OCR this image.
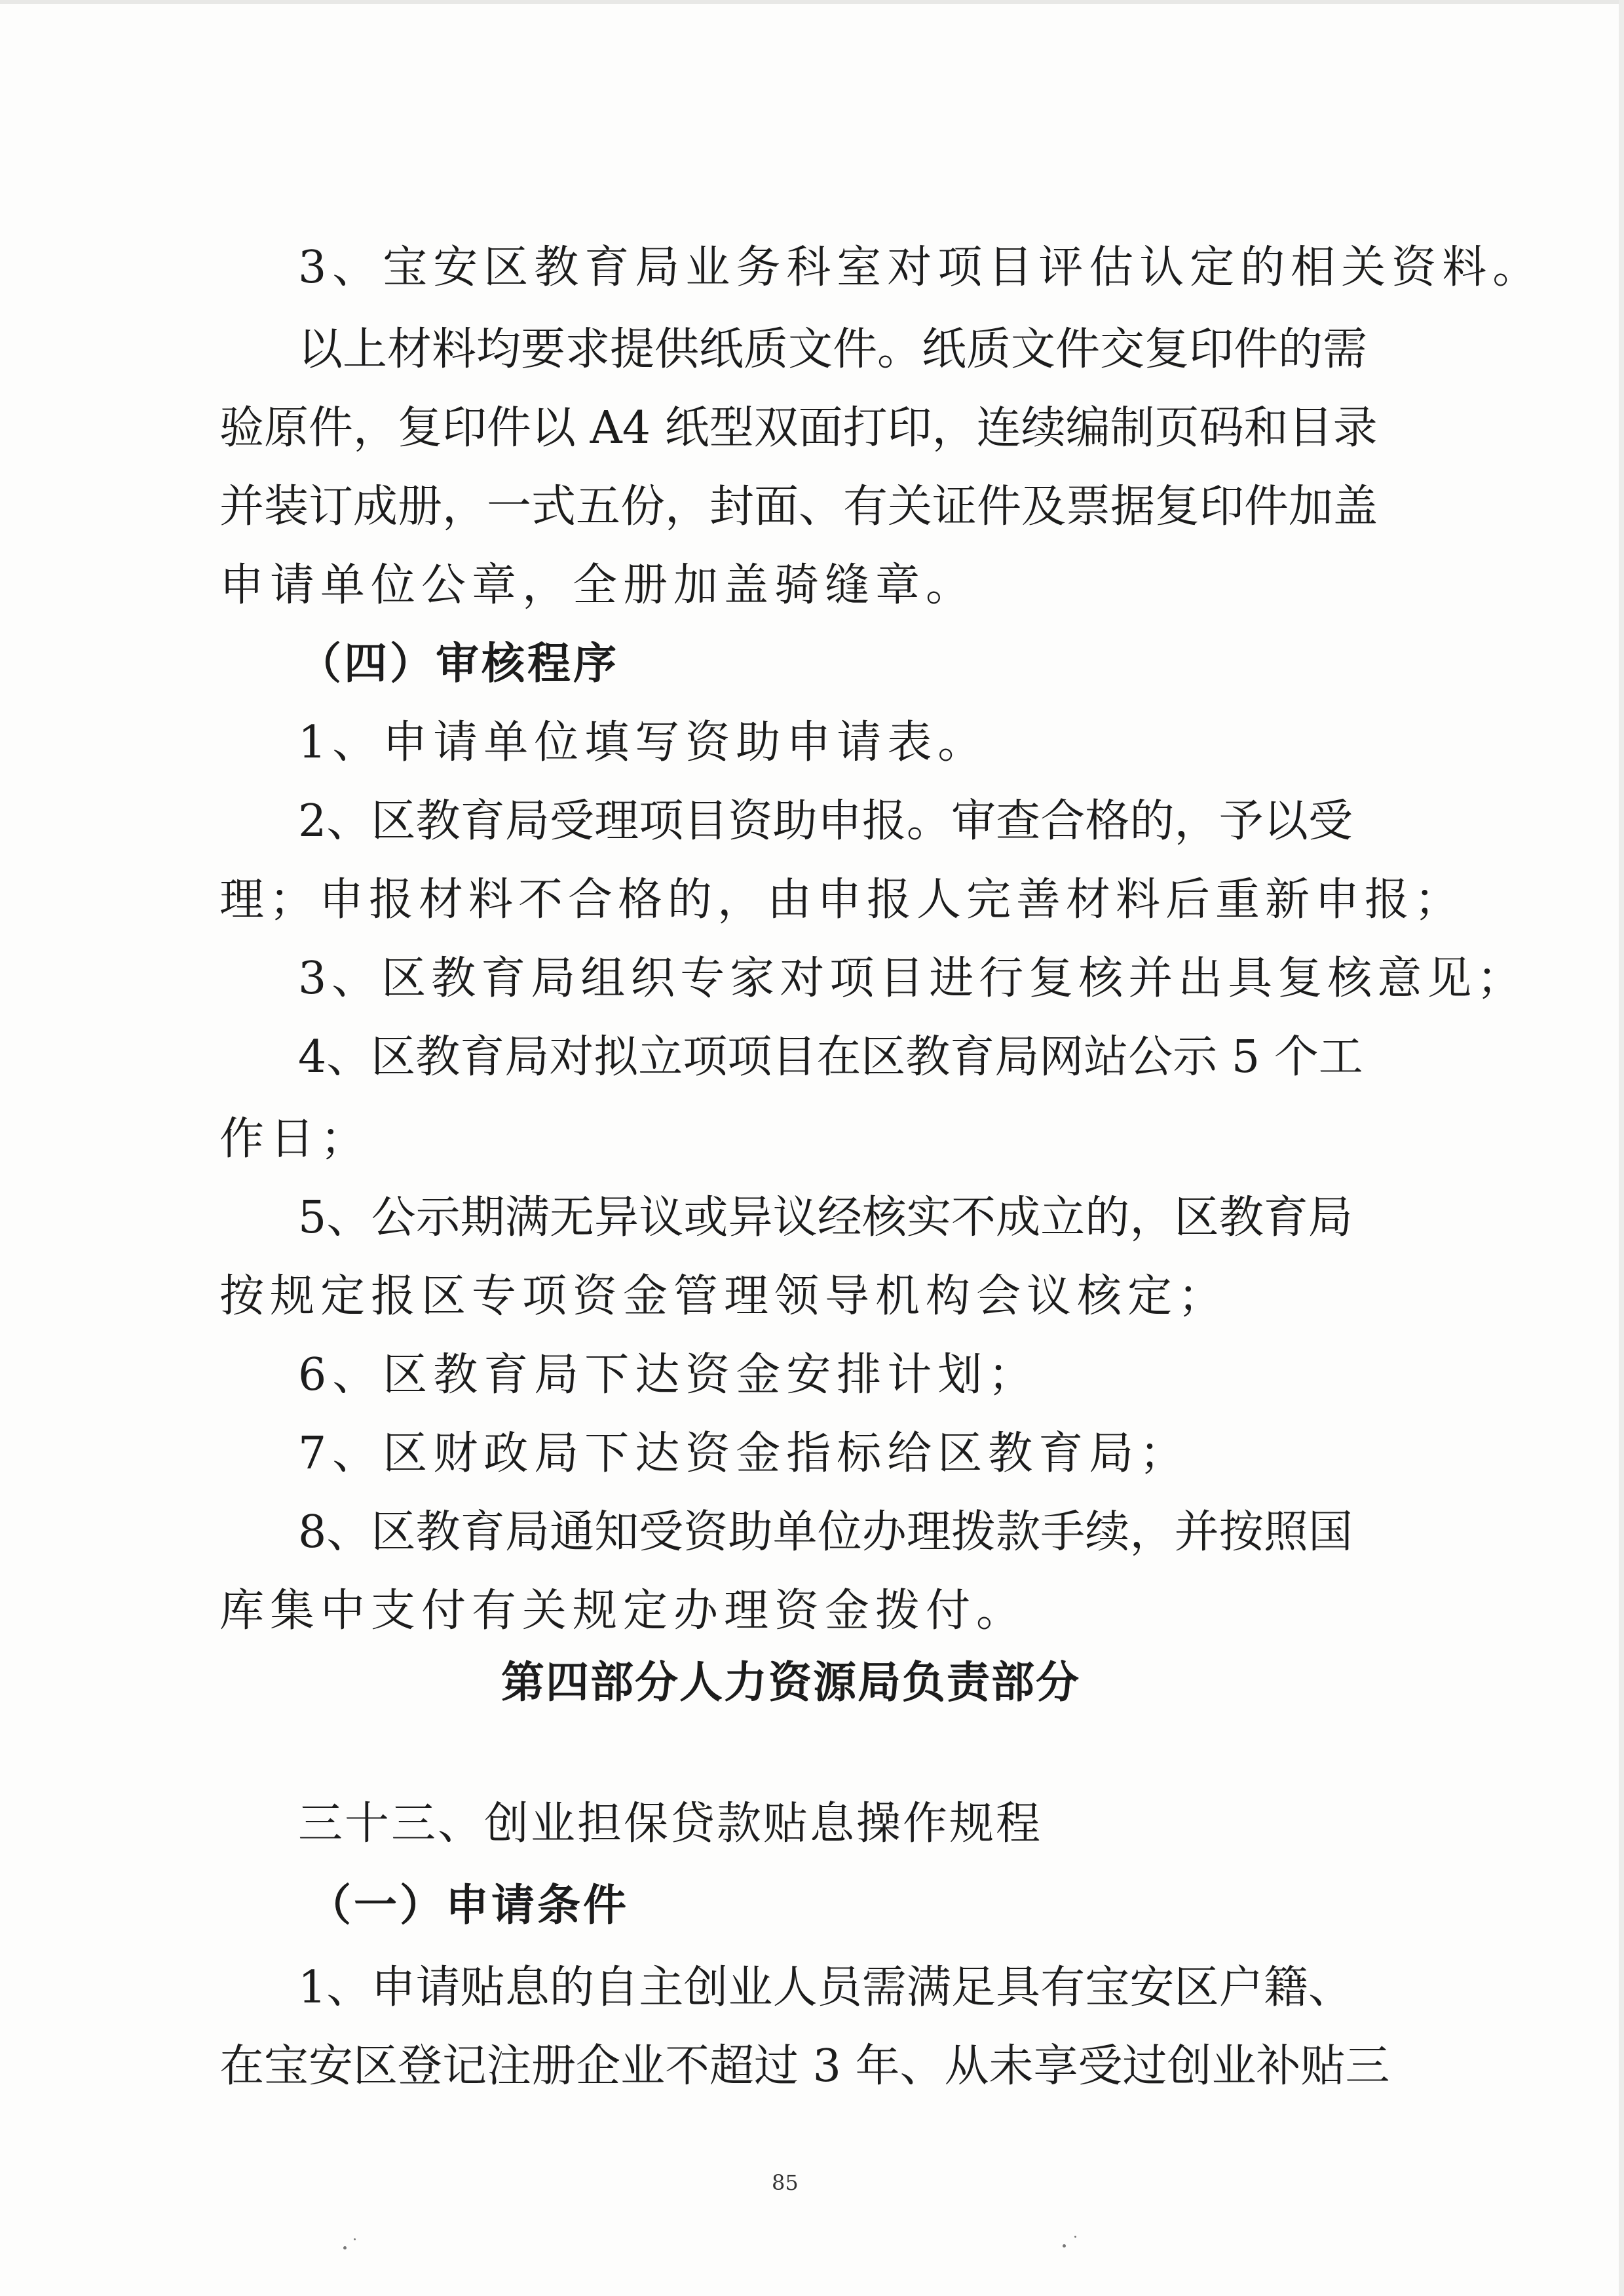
3、宝安区教育局业务科室对项目评估认定的相关资料。
以上材料均要求提供纸质文件。纸质文件交复印件的需
验原件，复印件以 A4 纸型双面打印，连续编制页码和目录
并装订成册，一式五份，封面、有关证件及票据复印件加盖
申请单位公章，全册加盖骑缝章。
（四）审核程序
1、申请单位填写资助申请表。
2、区教育局受理项目资助申报。审查合格的，予以受
理；申报材料不合格的，由申报人完善材料后重新申报；
3、区教育局组织专家对项目进行复核并出具复核意见；
4、区教育局对拟立项项目在区教育局网站公示 5 个工
作日；
5、公示期满无异议或异议经核实不成立的，区教育局
按规定报区专项资金管理领导机构会议核定；
6、区教育局下达资金安排计划；
7、区财政局下达资金指标给区教育局；
8、区教育局通知受资助单位办理拨款手续，并按照国
库集中支付有关规定办理资金拨付。
第四部分人力资源局负责部分
三十三、创业担保贷款贴息操作规程
（一）申请条件
1、申请贴息的自主创业人员需满足具有宝安区户籍、
在宝安区登记注册企业不超过 3 年、从未享受过创业补贴三
85
